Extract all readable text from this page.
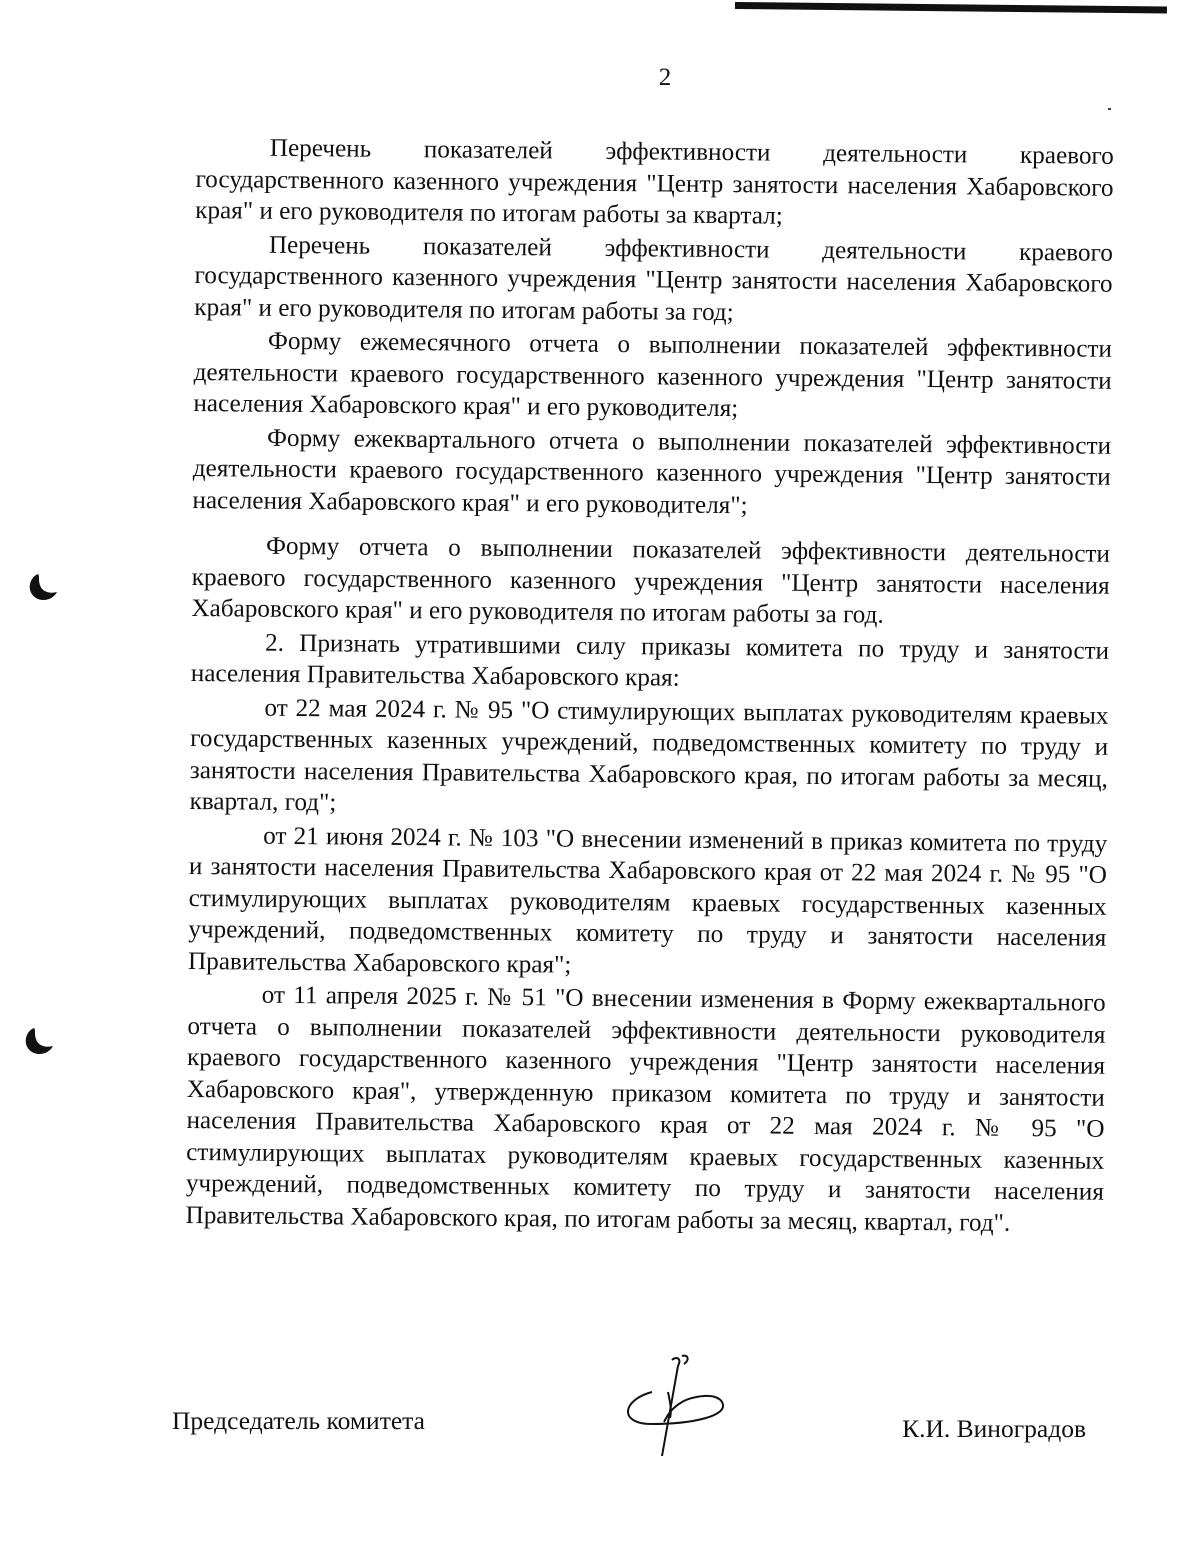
2

Перечень показателей эффективности деятельности краевого государственного казенного учреждения "Центр занятости населения Хабаровского края" и его руководителя по итогам работы за квартал;

Перечень показателей эффективности деятельности краевого государственного казенного учреждения "Центр занятости населения Хабаровского края" и его руководителя по итогам работы за год;

Форму ежемесячного отчета о выполнении показателей эффективности деятельности краевого государственного казенного учреждения "Центр занятости населения Хабаровского края" и его руководителя;

Форму ежеквартального отчета о выполнении показателей эффективности деятельности краевого государственного казенного учреждения "Центр занятости населения Хабаровского края" и его руководителя";

Форму отчета о выполнении показателей эффективности деятельности краевого государственного казенного учреждения "Центр занятости населения Хабаровского края" и его руководителя по итогам работы за год.

2. Признать утратившими силу приказы комитета по труду и занятости населения Правительства Хабаровского края:

от 22 мая 2024 г. № 95 "О стимулирующих выплатах руководителям краевых государственных казенных учреждений, подведомственных комитету по труду и занятости населения Правительства Хабаровского края, по итогам работы за месяц, квартал, год";

от 21 июня 2024 г. № 103 "О внесении изменений в приказ комитета по труду и занятости населения Правительства Хабаровского края от 22 мая 2024 г. № 95 "О стимулирующих выплатах руководителям краевых государственных казенных учреждений, подведомственных комитету по труду и занятости населения Правительства Хабаровского края";

от 11 апреля 2025 г. № 51 "О внесении изменения в Форму ежеквартального отчета о выполнении показателей эффективности деятельности руководителя краевого государственного казенного учреждения "Центр занятости населения Хабаровского края", утвержденную приказом комитета по труду и занятости населения Правительства Хабаровского края от 22 мая 2024 г. № 95 "О стимулирующих выплатах руководителям краевых государственных казенных учреждений, подведомственных комитету по труду и занятости населения Правительства Хабаровского края, по итогам работы за месяц, квартал, год".

Председатель комитета	К.И. Виноградов
